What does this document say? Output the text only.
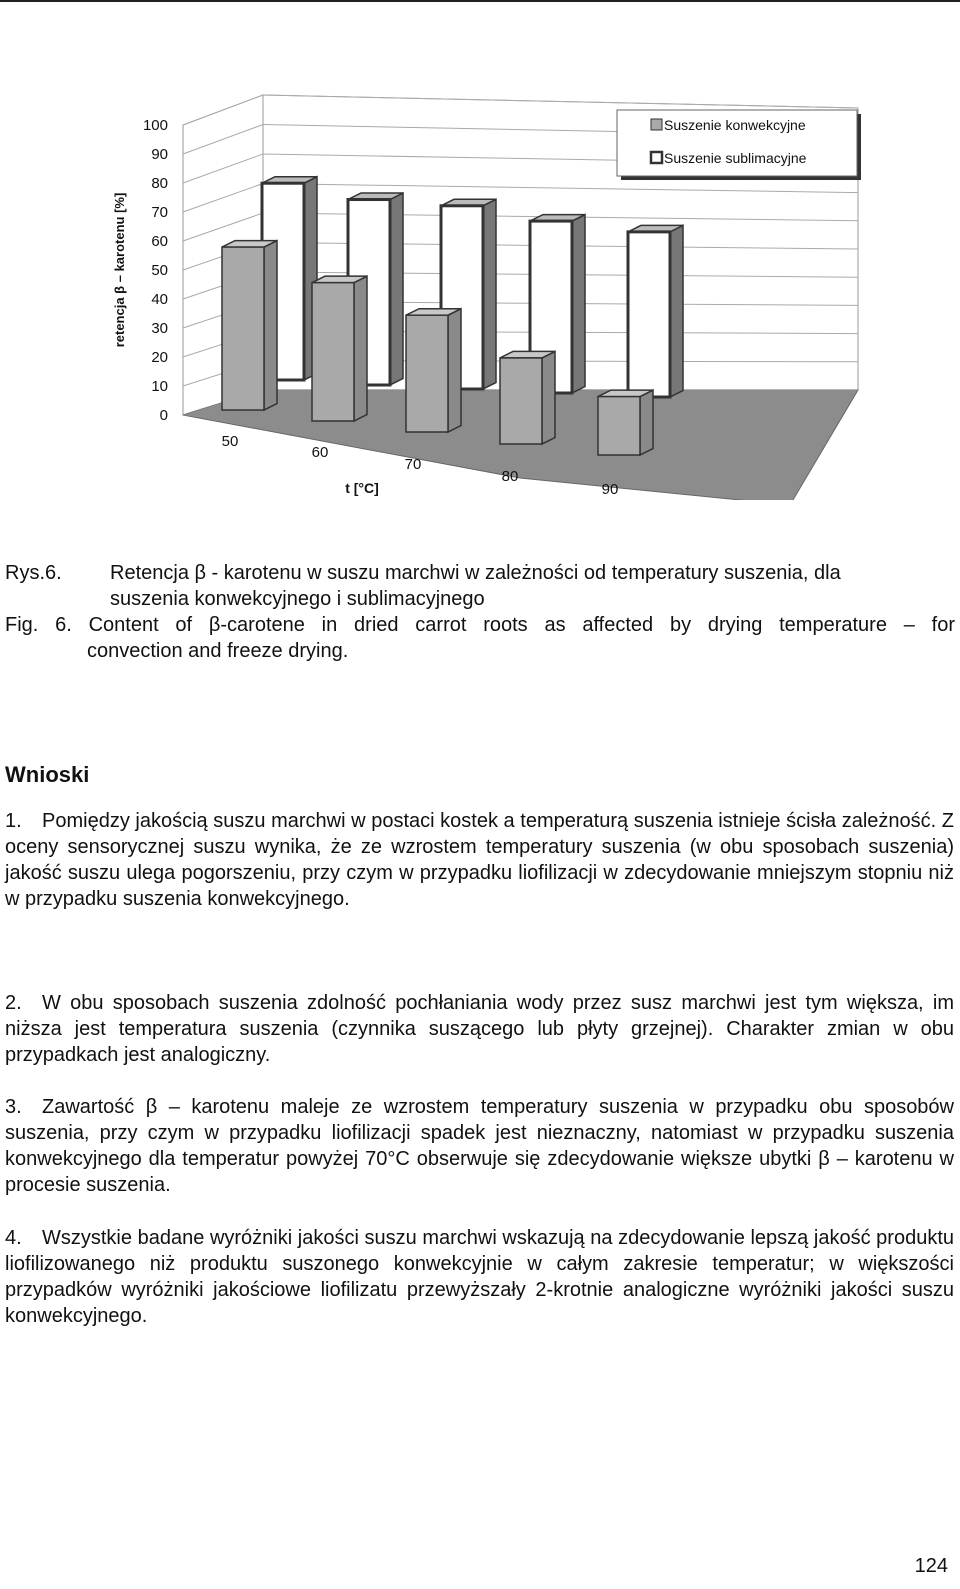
0
10
20
30
40
50
60
70
80
90
100
retencja β – karotenu [%]
50
60
70
80
90
t [°C]
Suszenie konwekcyjne
Suszenie sublimacyjne
Rys.6. Retencja β - karotenu w suszu marchwi w zależności od temperatury suszenia, dla
suszenia konwekcyjnego i sublimacyjnego
Fig. 6. Content of β-carotene in dried carrot roots as affected by drying temperature – for
convection and freeze drying.
Wnioski
1.	Pomiędzy jakością suszu marchwi w postaci kostek a temperaturą suszenia istnieje ścisła zależność. Z oceny sensorycznej suszu wynika, że ze wzrostem temperatury suszenia (w obu sposobach suszenia) jakość suszu ulega pogorszeniu, przy czym w przypadku liofilizacji w zdecydowanie mniejszym stopniu niż w przypadku suszenia konwekcyjnego.
2.	W obu sposobach suszenia zdolność pochłaniania wody przez susz marchwi jest tym większa, im niższa jest temperatura suszenia (czynnika suszącego lub płyty grzejnej). Charakter zmian w obu przypadkach jest analogiczny.
3.	Zawartość β – karotenu maleje ze wzrostem temperatury suszenia w przypadku obu sposobów suszenia, przy czym w przypadku liofilizacji spadek jest nieznaczny, natomiast w przypadku suszenia konwekcyjnego dla temperatur powyżej 70°C obserwuje się zdecydowanie większe ubytki β – karotenu w procesie suszenia.
4.	Wszystkie badane wyróżniki jakości suszu marchwi wskazują na zdecydowanie lepszą jakość produktu liofilizowanego niż produktu suszonego konwekcyjnie w całym zakresie temperatur; w większości przypadków wyróżniki jakościowe liofilizatu przewyższały 2-krotnie analogiczne wyróżniki jakości suszu konwekcyjnego.
124
